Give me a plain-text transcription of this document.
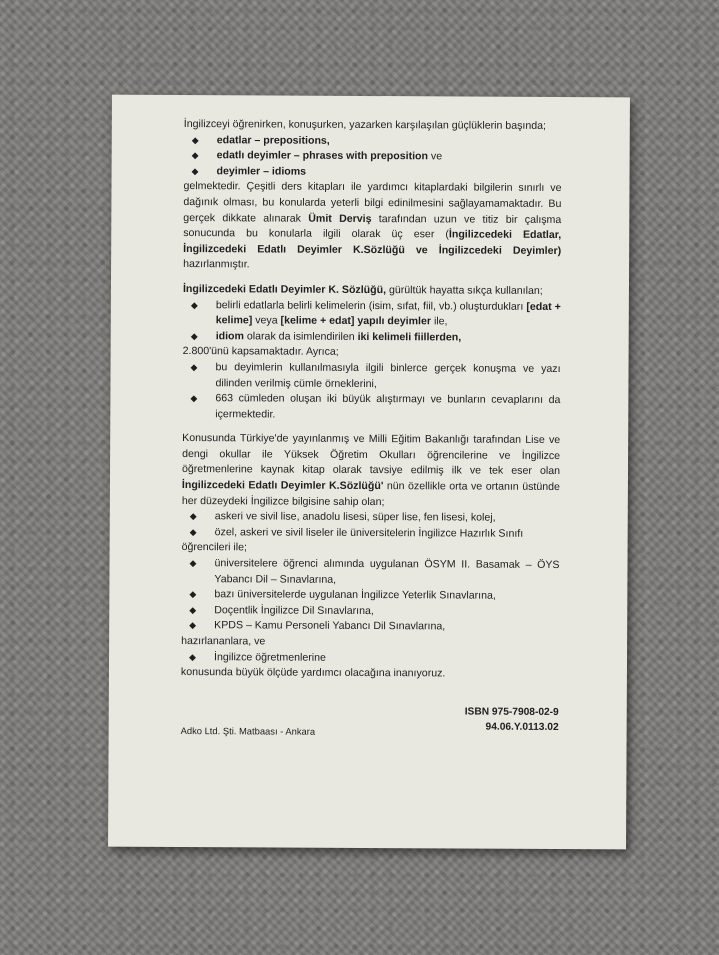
İngilizceyi öğrenirken, konuşurken, yazarken karşılaşılan güçlüklerin başında;

◆	edatlar – prepositions,
◆	edatlı deyimler – phrases with preposition ve
◆	deyimler – idioms

gelmektedir. Çeşitli ders kitapları ile yardımcı kitaplardaki bilgilerin sınırlı ve dağınık olması, bu konularda yeterli bilgi edinilmesini sağlayamamaktadır. Bu gerçek dikkate alınarak Ümit Derviş tarafından uzun ve titiz bir çalışma sonucunda bu konularla ilgili olarak üç eser (İngilizcedeki Edatlar, İngilizcedeki Edatlı Deyimler K.Sözlüğü ve İngilizcedeki Deyimler) hazırlanmıştır.

İngilizcedeki Edatlı Deyimler K. Sözlüğü, gürültük hayatta sıkça kullanılan;

◆	belirli edatlarla belirli kelimelerin (isim, sıfat, fiil, vb.) oluşturdukları [edat + kelime] veya [kelime + edat] yapılı deyimler ile,
◆	idiom olarak da isimlendirilen iki kelimeli fiillerden,

2.800'ünü kapsamaktadır. Ayrıca;

◆	bu deyimlerin kullanılmasıyla ilgili binlerce gerçek konuşma ve yazı dilinden verilmiş cümle örneklerini,
◆	663 cümleden oluşan iki büyük alıştırmayı ve bunların cevaplarını da içermektedir.

Konusunda Türkiye'de yayınlanmış ve Milli Eğitim Bakanlığı tarafından Lise ve dengi okullar ile Yüksek Öğretim Okulları öğrencilerine ve İngilizce öğretmenlerine kaynak kitap olarak tavsiye edilmiş ilk ve tek eser olan İngilizcedeki Edatlı Deyimler K.Sözlüğü' nün özellikle orta ve ortanın üstünde her düzeydeki İngilizce bilgisine sahip olan;

◆	askeri ve sivil lise, anadolu lisesi, süper lise, fen lisesi, kolej,
◆	özel, askeri ve sivil liseler ile üniversitelerin İngilizce Hazırlık Sınıfı

öğrencileri ile;

◆	üniversitelere öğrenci alımında uygulanan ÖSYM II. Basamak – ÖYS Yabancı Dil – Sınavlarına,
◆	bazı üniversitelerde uygulanan İngilizce Yeterlik Sınavlarına,
◆	Doçentlik İngilizce Dil Sınavlarına,
◆	KPDS – Kamu Personeli Yabancı Dil Sınavlarına,

hazırlananlara, ve

◆	İngilizce öğretmenlerine

konusunda büyük ölçüde yardımcı olacağına inanıyoruz.

ISBN 975-7908-02-9
94.06.Y.0113.02
Adko Ltd. Şti. Matbaası - Ankara
